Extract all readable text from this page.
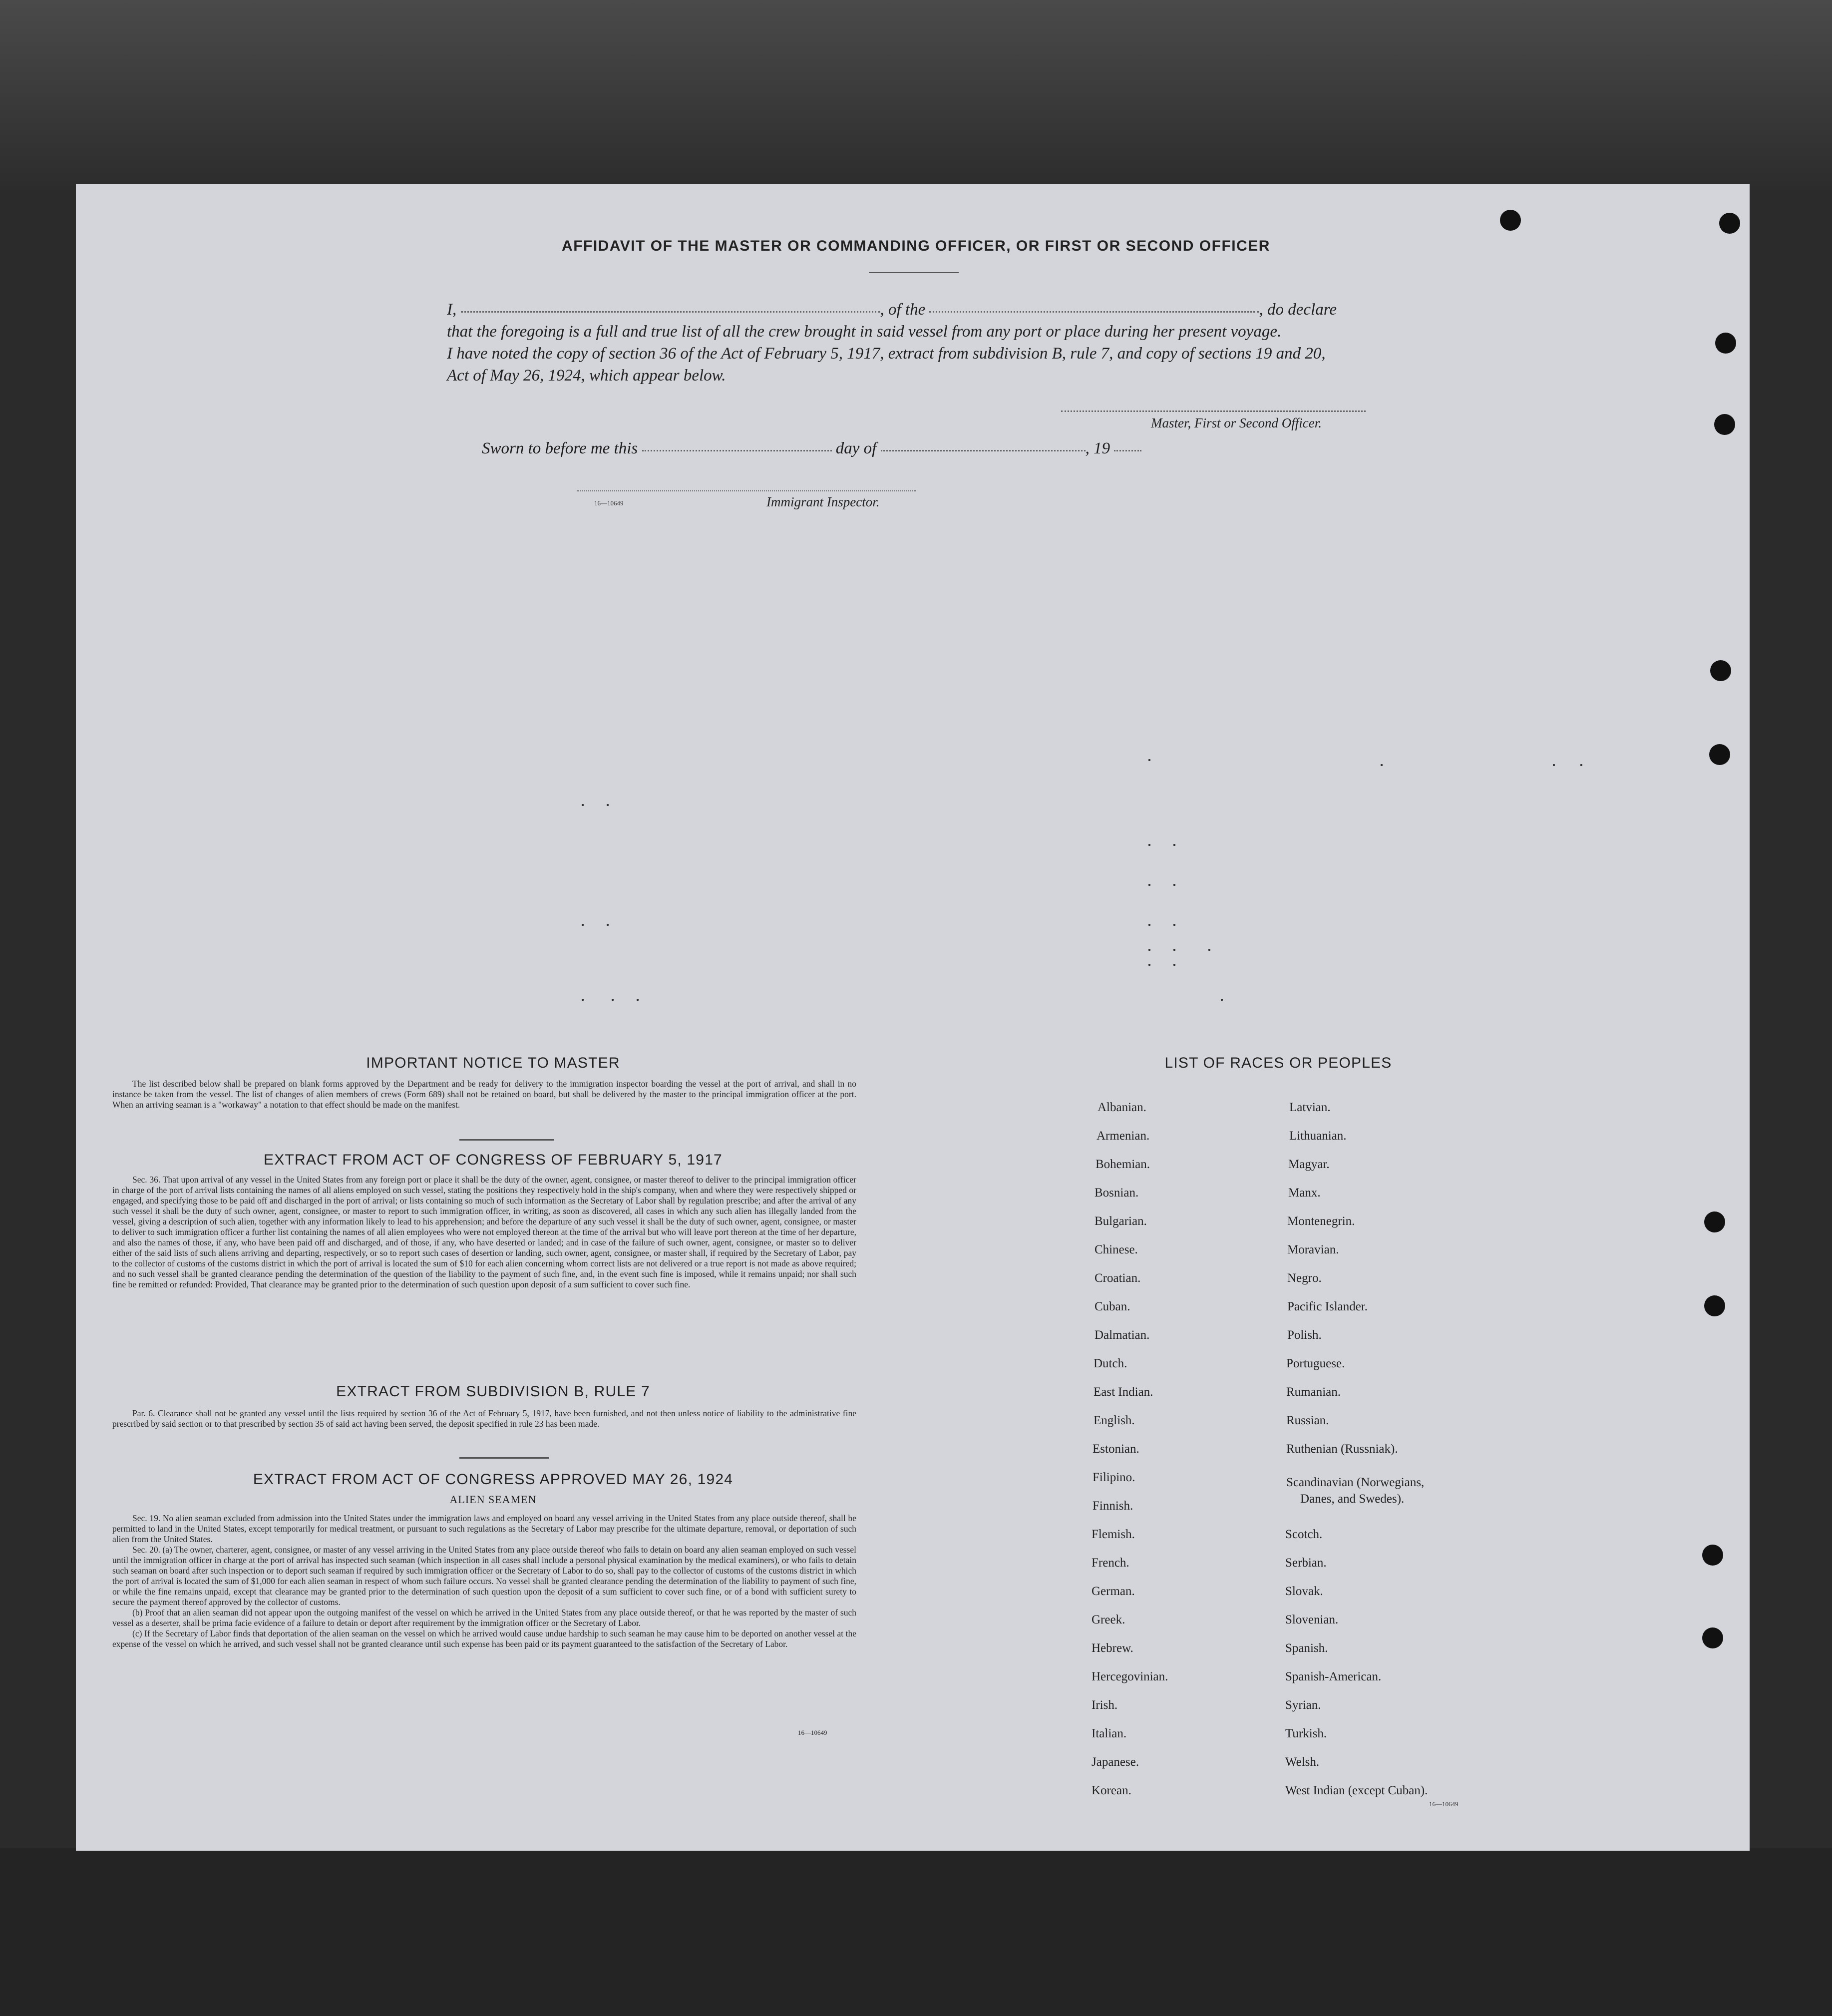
AFFIDAVIT OF THE MASTER OR COMMANDING OFFICER, OR FIRST OR SECOND OFFICER
I,	, of the	, do declare
that the foregoing is a full and true list of all the crew brought in said vessel from any port or place during her present voyage.
I have noted the copy of section 36 of the Act of February 5, 1917, extract from subdivision B, rule 7, and copy of sections 19 and 20,
Act of May 26, 1924, which appear below.
Master, First or Second Officer.
Sworn to before me this	day of	, 19
16—10649	Immigrant Inspector.
IMPORTANT NOTICE TO MASTER

The list described below shall be prepared on blank forms approved by the Department and be ready for delivery to the immigration inspector boarding the vessel at the port of arrival, and shall in no instance be taken from the vessel. The list of changes of alien members of crews (Form 689) shall not be retained on board, but shall be delivered by the master to the principal immigration officer at the port. When an arriving seaman is a "workaway" a notation to that effect should be made on the manifest.

EXTRACT FROM ACT OF CONGRESS OF FEBRUARY 5, 1917

Sec. 36. That upon arrival of any vessel in the United States from any foreign port or place it shall be the duty of the owner, agent, consignee, or master thereof to deliver to the principal immigration officer in charge of the port of arrival lists containing the names of all aliens employed on such vessel, stating the positions they respectively hold in the ship's company, when and where they were respectively shipped or engaged, and specifying those to be paid off and discharged in the port of arrival; or lists containing so much of such information as the Secretary of Labor shall by regulation prescribe; and after the arrival of any such vessel it shall be the duty of such owner, agent, consignee, or master to report to such immigration officer, in writing, as soon as discovered, all cases in which any such alien has illegally landed from the vessel, giving a description of such alien, together with any information likely to lead to his apprehension; and before the departure of any such vessel it shall be the duty of such owner, agent, consignee, or master to deliver to such immigration officer a further list containing the names of all alien employees who were not employed thereon at the time of the arrival but who will leave port thereon at the time of her departure, and also the names of those, if any, who have been paid off and discharged, and of those, if any, who have deserted or landed; and in case of the failure of such owner, agent, consignee, or master so to deliver either of the said lists of such aliens arriving and departing, respectively, or so to report such cases of desertion or landing, such owner, agent, consignee, or master shall, if required by the Secretary of Labor, pay to the collector of customs of the customs district in which the port of arrival is located the sum of $10 for each alien concerning whom correct lists are not delivered or a true report is not made as above required; and no such vessel shall be granted clearance pending the determination of the question of the liability to the payment of such fine, and, in the event such fine is imposed, while it remains unpaid; nor shall such fine be remitted or refunded: Provided, That clearance may be granted prior to the determination of such question upon deposit of a sum sufficient to cover such fine.

EXTRACT FROM SUBDIVISION B, RULE 7

Par. 6. Clearance shall not be granted any vessel until the lists required by section 36 of the Act of February 5, 1917, have been furnished, and not then unless notice of liability to the administrative fine prescribed by said section or to that prescribed by section 35 of said act having been served, the deposit specified in rule 23 has been made.

EXTRACT FROM ACT OF CONGRESS APPROVED MAY 26, 1924
ALIEN SEAMEN

Sec. 19. No alien seaman excluded from admission into the United States under the immigration laws and employed on board any vessel arriving in the United States from any place outside thereof, shall be permitted to land in the United States, except temporarily for medical treatment, or pursuant to such regulations as the Secretary of Labor may prescribe for the ultimate departure, removal, or deportation of such alien from the United States.

Sec. 20. (a) The owner, charterer, agent, consignee, or master of any vessel arriving in the United States from any place outside thereof who fails to detain on board any alien seaman employed on such vessel until the immigration officer in charge at the port of arrival has inspected such seaman (which inspection in all cases shall include a personal physical examination by the medical examiners), or who fails to detain such seaman on board after such inspection or to deport such seaman if required by such immigration officer or the Secretary of Labor to do so, shall pay to the collector of customs of the customs district in which the port of arrival is located the sum of $1,000 for each alien seaman in respect of whom such failure occurs. No vessel shall be granted clearance pending the determination of the liability to payment of such fine, or while the fine remains unpaid, except that clearance may be granted prior to the determination of such question upon the deposit of a sum sufficient to cover such fine, or of a bond with sufficient surety to secure the payment thereof approved by the collector of customs.

(b) Proof that an alien seaman did not appear upon the outgoing manifest of the vessel on which he arrived in the United States from any place outside thereof, or that he was reported by the master of such vessel as a deserter, shall be prima facie evidence of a failure to detain or deport after requirement by the immigration officer or the Secretary of Labor.

(c) If the Secretary of Labor finds that deportation of the alien seaman on the vessel on which he arrived would cause undue hardship to such seaman he may cause him to be deported on another vessel at the expense of the vessel on which he arrived, and such vessel shall not be granted clearance until such expense has been paid or its payment guaranteed to the satisfaction of the Secretary of Labor.

16—10649
LIST OF RACES OR PEOPLES
Albanian.
Armenian.
Bohemian.
Bosnian.
Bulgarian.
Chinese.
Croatian.
Cuban.
Dalmatian.
Dutch.
East Indian.
English.
Estonian.
Filipino.
Finnish.
Flemish.
French.
German.
Greek.
Hebrew.
Hercegovinian.
Irish.
Italian.
Japanese.
Korean.
Latvian.
Lithuanian.
Magyar.
Manx.
Montenegrin.
Moravian.
Negro.
Pacific Islander.
Polish.
Portuguese.
Rumanian.
Russian.
Ruthenian (Russniak).
Scandinavian (Norwegians,
Danes, and Swedes).
Scotch.
Serbian.
Slovak.
Slovenian.
Spanish.
Spanish-American.
Syrian.
Turkish.
Welsh.
West Indian (except Cuban).
16—10649
